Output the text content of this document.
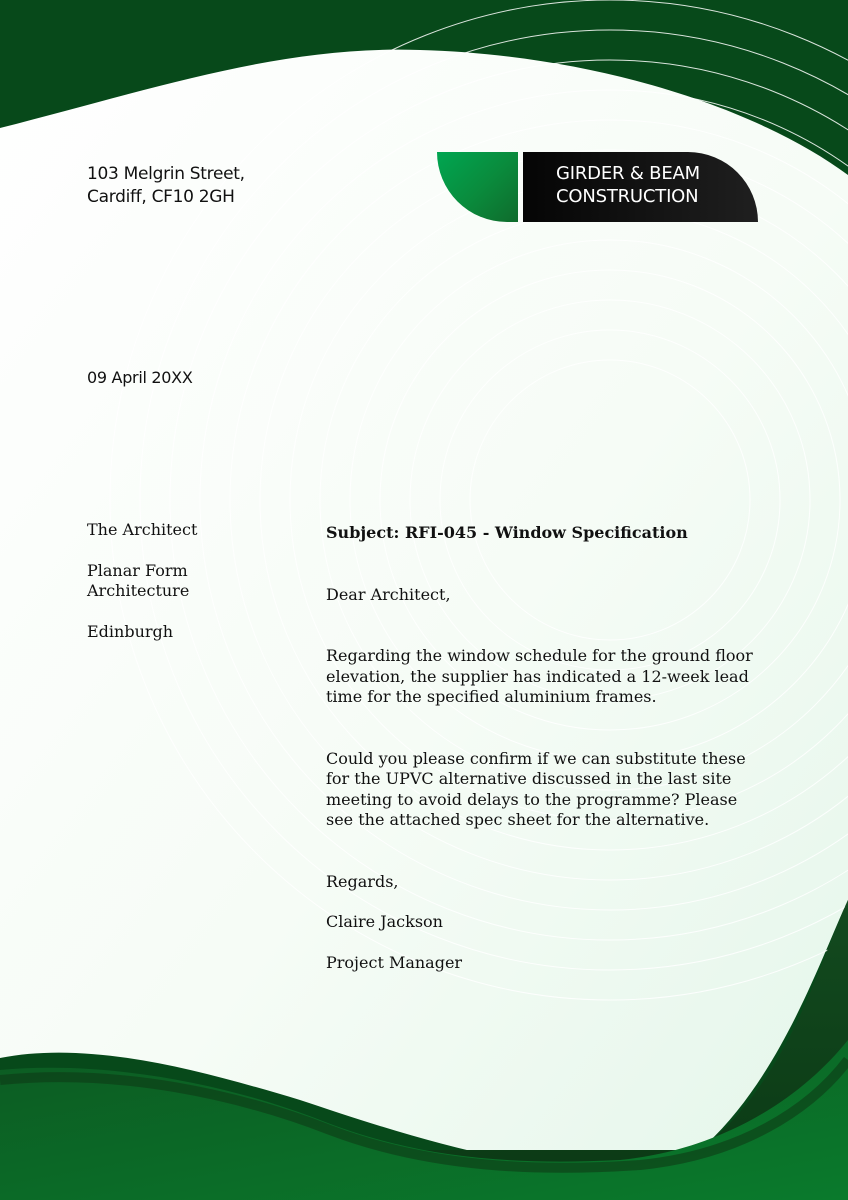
103 Melgrin Street,
Cardiff, CF10 2GH
GIRDER & BEAM
CONSTRUCTION
09 April 20XX
The Architect
Planar Form Architecture
Edinburgh
Subject: RFI-045 - Window Specification

Dear Architect,

Regarding the window schedule for the ground floor elevation, the supplier has indicated a 12-week lead time for the specified aluminium frames.

Could you please confirm if we can substitute these for the UPVC alternative discussed in the last site meeting to avoid delays to the programme? Please see the attached spec sheet for the alternative.

Regards,

Claire Jackson

Project Manager
